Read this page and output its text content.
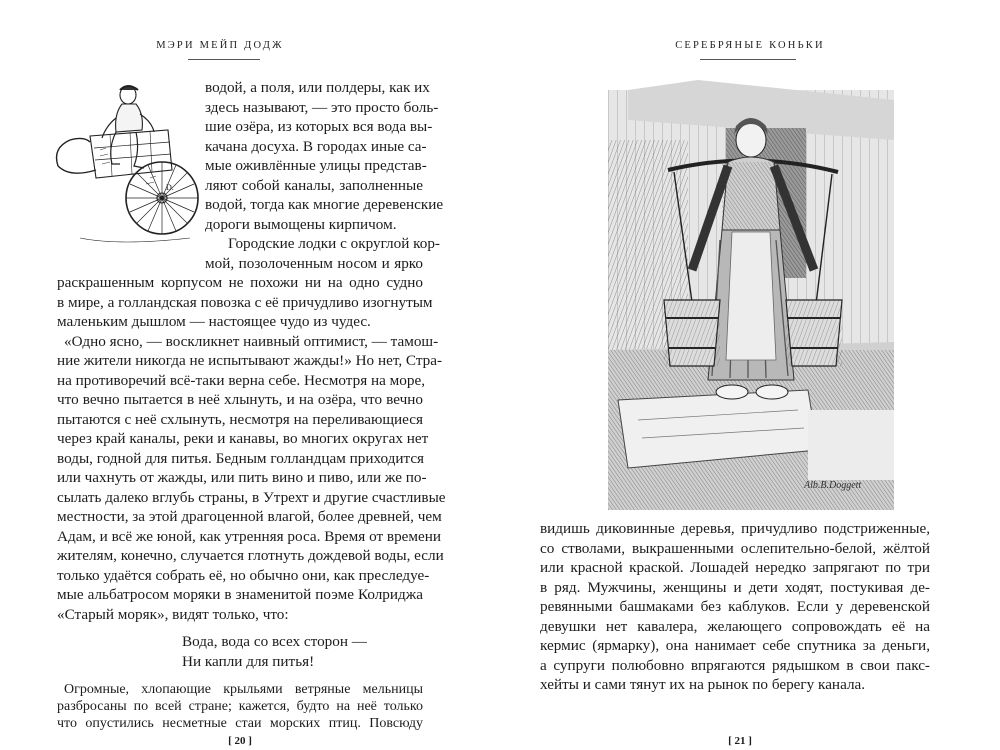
МЭРИ МЕЙП ДОДЖ
D.
водой, а поля, или полдеры, как их
здесь называют, — это просто боль-
шие озёра, из которых вся вода вы-
качана досуха. В городах иные са-
мые оживлённые улицы представ-
ляют собой каналы, заполненные
водой, тогда как многие деревенские
дороги вымощены кирпичом.
Городские лодки с округлой кор-
мой, позолоченным носом и ярко
раскрашенным корпусом не похожи ни на одно судно
в мире, а голландская повозка с её причудливо изогнутым
маленьким дышлом — настоящее чудо из чудес.
«Одно ясно, — воскликнет наивный оптимист, — тамош-
ние жители никогда не испытывают жажды!» Но нет, Стра-
на противоречий всё-таки верна себе. Несмотря на море,
что вечно пытается в неё хлынуть, и на озёра, что вечно
пытаются с неё схлынуть, несмотря на переливающиеся
через край каналы, реки и канавы, во многих округах нет
воды, годной для питья. Бедным голландцам приходится
или чахнуть от жажды, или пить вино и пиво, или же по-
сылать далеко вглубь страны, в Утрехт и другие счастливые
местности, за этой драгоценной влагой, более древней, чем
Адам, и всё же юной, как утренняя роса. Время от времени
жителям, конечно, случается глотнуть дождевой воды, если
только удаётся собрать её, но обычно они, как преследуе-
мые альбатросом моряки в знаменитой поэме Колриджа
«Старый моряк», видят только, что:
Вода, вода со всех сторон —
Ни капли для питья!
Огромные, хлопающие крыльями ветряные мельницы
разбросаны по всей стране; кажется, будто на неё только
что опустились несметные стаи морских птиц. Повсюду
[ 20 ]
СЕРЕБРЯНЫЕ КОНЬКИ
Alb.B.Doggett
видишь диковинные деревья, причудливо подстриженные,
со стволами, выкрашенными ослепительно-белой, жёлтой
или красной краской. Лошадей нередко запрягают по три
в ряд. Мужчины, женщины и дети ходят, постукивая де-
ревянными башмаками без каблуков. Если у деревенской
девушки нет кавалера, желающего сопровождать её на
кермис (ярмарку), она нанимает себе спутника за деньги,
а супруги полюбовно впрягаются рядышком в свои пакс-
хейты и сами тянут их на рынок по берегу канала.
[ 21 ]
